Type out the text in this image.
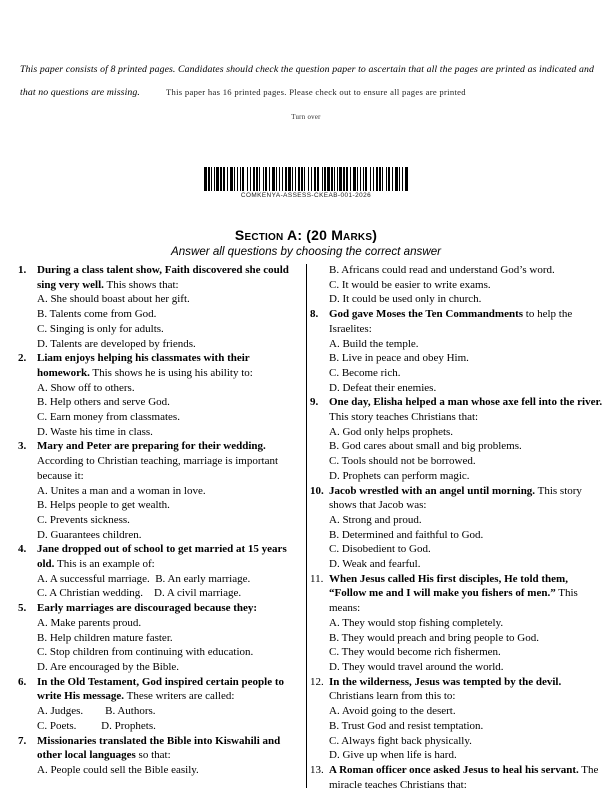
This paper consists of 8 printed pages. Candidates should check the question paper to ascertain that all the pages are printed as indicated and
that no questions are missing.	This paper has 16 printed pages. Please check out to ensure all pages are printed
Turn over
COMKENYA-ASSESS-CKEAB-001-2026
Section A: (20 Marks)
Answer all questions by choosing the correct answer
1. During a class talent show, Faith discovered she could sing very well. This shows that:
A. She should boast about her gift.
B. Talents come from God.
C. Singing is only for adults.
D. Talents are developed by friends.
2. Liam enjoys helping his classmates with their homework. This shows he is using his ability to:
A. Show off to others.
B. Help others and serve God.
C. Earn money from classmates.
D. Waste his time in class.
3. Mary and Peter are preparing for their wedding. According to Christian teaching, marriage is important because it:
A. Unites a man and a woman in love.
B. Helps people to get wealth.
C. Prevents sickness.
D. Guarantees children.
4. Jane dropped out of school to get married at 15 years old. This is an example of:
A. A successful marriage.  B. An early marriage.
C. A Christian wedding.    D. A civil marriage.
5. Early marriages are discouraged because they:
A. Make parents proud.
B. Help children mature faster.
C. Stop children from continuing with education.
D. Are encouraged by the Bible.
6. In the Old Testament, God inspired certain people to write His message. These writers are called:
A. Judges.        B. Authors.
C. Poets.         D. Prophets.
7. Missionaries translated the Bible into Kiswahili and other local languages so that:
A. People could sell the Bible easily.
B. Africans could read and understand God’s word.
C. It would be easier to write exams.
D. It could be used only in church.
8. God gave Moses the Ten Commandments to help the Israelites:
A. Build the temple.
B. Live in peace and obey Him.
C. Become rich.
D. Defeat their enemies.
9. One day, Elisha helped a man whose axe fell into the river. This story teaches Christians that:
A. God only helps prophets.
B. God cares about small and big problems.
C. Tools should not be borrowed.
D. Prophets can perform magic.
10. Jacob wrestled with an angel until morning. This story shows that Jacob was:
A. Strong and proud.
B. Determined and faithful to God.
C. Disobedient to God.
D. Weak and fearful.
11. When Jesus called His first disciples, He told them, “Follow me and I will make you fishers of men.” This means:
A. They would stop fishing completely.
B. They would preach and bring people to God.
C. They would become rich fishermen.
D. They would travel around the world.
12. In the wilderness, Jesus was tempted by the devil. Christians learn from this to:
A. Avoid going to the desert.
B. Trust God and resist temptation.
C. Always fight back physically.
D. Give up when life is hard.
13. A Roman officer once asked Jesus to heal his servant. The miracle teaches Christians that:
